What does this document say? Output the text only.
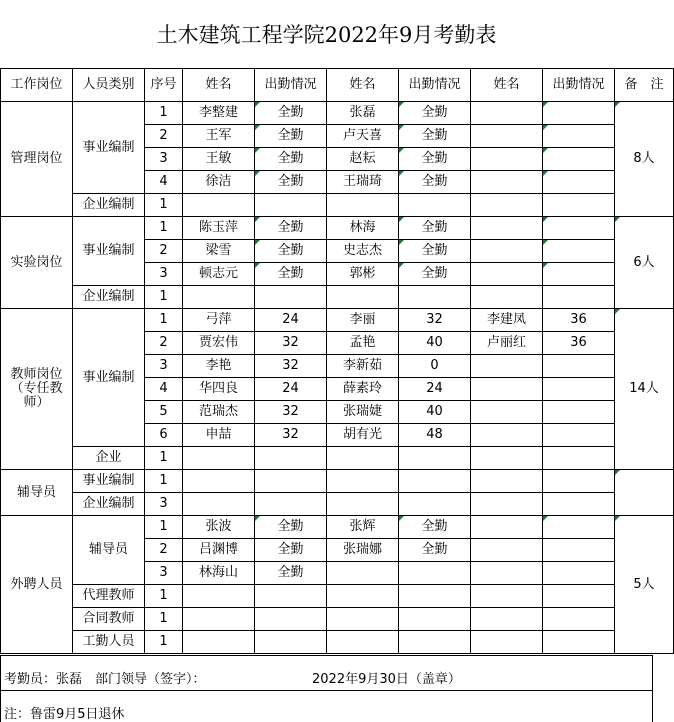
土木建筑工程学院2022年9月考勤表
工作岗位	人员类别	序号	姓名	出勤情况	姓名	出勤情况	姓名	出勤情况	备　注
管理岗位	事业编制	1	李整建	全勤	张磊	全勤			8人
		2	王军	全勤	卢天喜	全勤			
		3	王敏	全勤	赵耘	全勤			
		4	徐洁	全勤	王瑞琦	全勤			
	企业编制	1							
实验岗位	事业编制	1	陈玉萍	全勤	林海	全勤			6人
		2	梁雪	全勤	史志杰	全勤			
		3	顿志元	全勤	郭彬	全勤			
	企业编制	1							
教师岗位（专任教师）	事业编制	1	弓萍	24	李丽	32	李建凤	36	14人
		2	贾宏伟	32	孟艳	40	卢丽红	36	
		3	李艳	32	李新茹	0			
		4	华四良	24	薛素玲	24			
		5	范瑞杰	32	张瑞婕	40			
		6	申喆	32	胡有光	48			
	企业	1							
辅导员	事业编制	1							
	企业编制	3							
外聘人员	辅导员	1	张波	全勤	张辉	全勤			5人
		2	吕渊博	全勤	张瑞娜	全勤			
		3	林海山	全勤					
	代理教师	1							
	合同教师	1							
	工勤人员	1							
考勤员：张磊　部门领导（签字）：	2022年9月30日（盖章）
注：鲁雷9月5日退休
